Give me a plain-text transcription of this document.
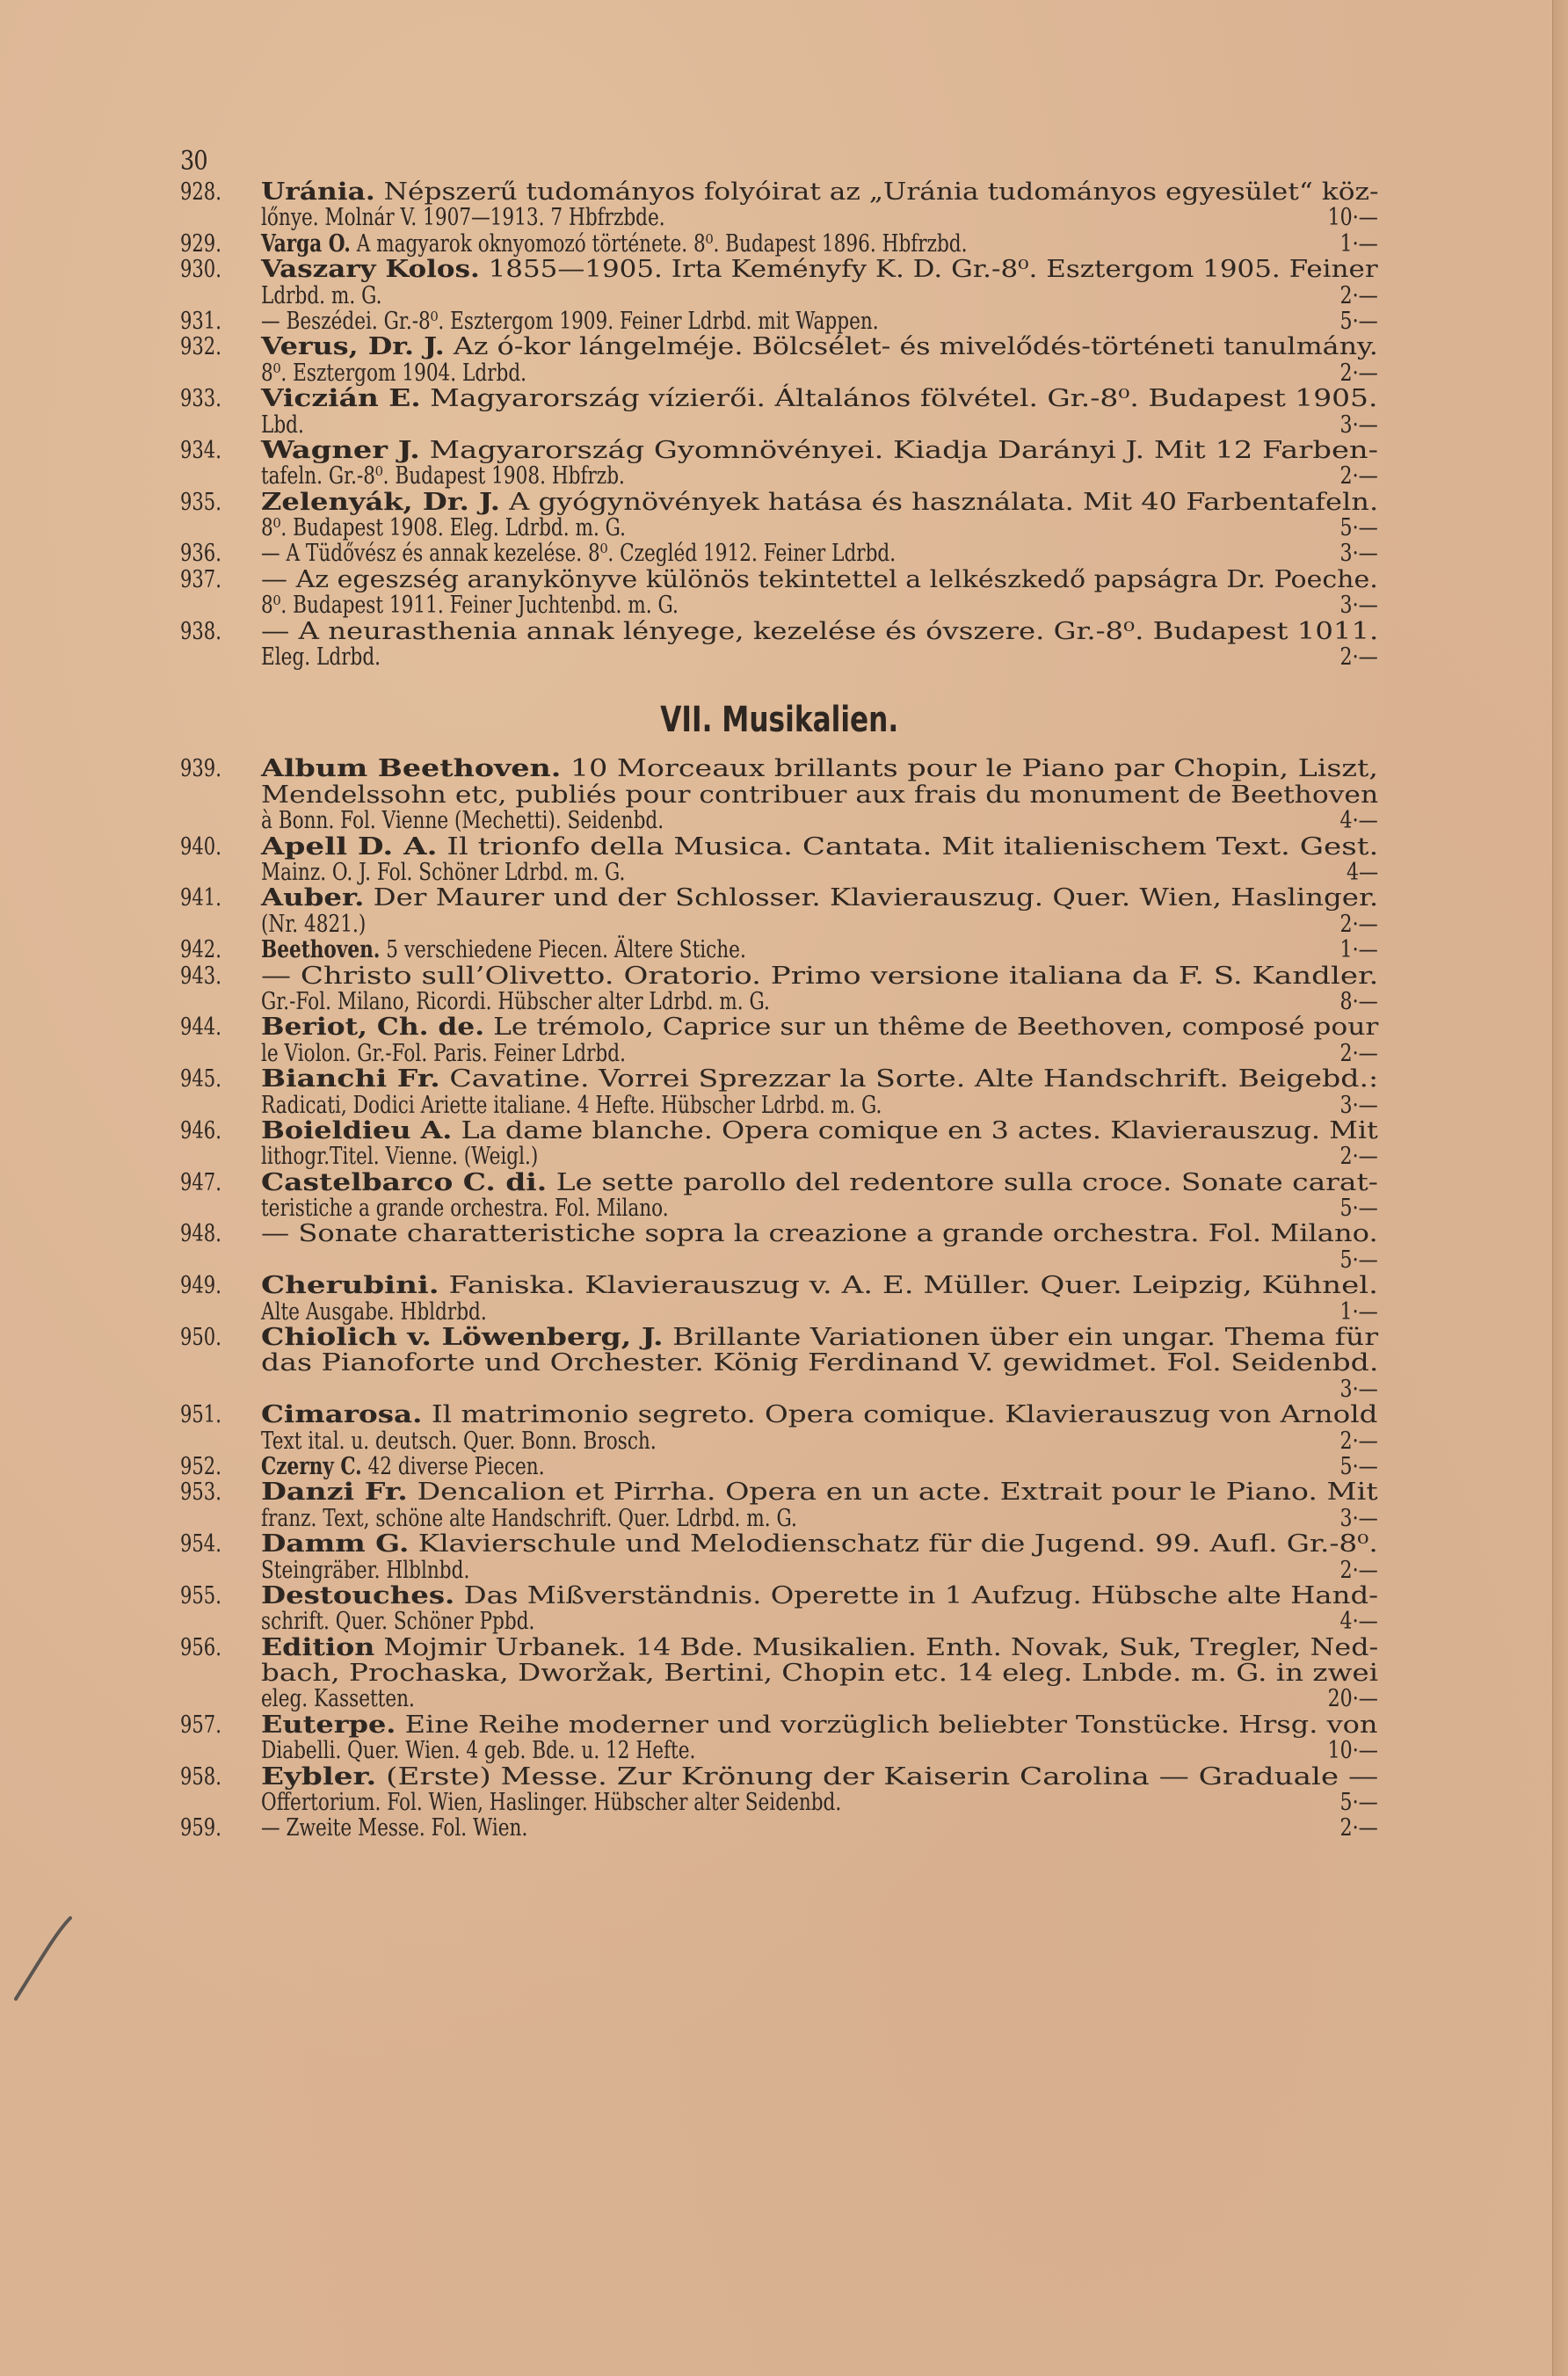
30
928. Uránia. Népszerű tudományos folyóirat az „Uránia tudományos egyesület“ köz-
lőnye. Molnár V. 1907—1913. 7 Hbfrzbde.	10·—
929. Varga O. A magyarok oknyomozó története. 8⁰. Budapest 1896. Hbfrzbd.	1·—
930. Vaszary Kolos. 1855—1905. Irta Keményfy K. D. Gr.-8⁰. Esztergom 1905. Feiner
Ldrbd. m. G.	2·—
931. — Beszédei. Gr.-8⁰. Esztergom 1909. Feiner Ldrbd. mit Wappen.	5·—
932. Verus, Dr. J. Az ó-kor lángelméje. Bölcsélet- és mivelődés-történeti tanulmány.
8⁰. Esztergom 1904. Ldrbd.	2·—
933. Viczián E. Magyarország vízierői. Általános fölvétel. Gr.-8⁰. Budapest 1905.
Lbd.	3·—
934. Wagner J. Magyarország Gyomnövényei. Kiadja Darányi J. Mit 12 Farben-
tafeln. Gr.-8⁰. Budapest 1908. Hbfrzb.	2·—
935. Zelenyák, Dr. J. A gyógynövények hatása és használata. Mit 40 Farbentafeln.
8⁰. Budapest 1908. Eleg. Ldrbd. m. G.	5·—
936. — A Tüdővész és annak kezelése. 8⁰. Czegléd 1912. Feiner Ldrbd.	3·—
937. — Az egeszség aranykönyve különös tekintettel a lelkészkedő papságra Dr. Poeche.
8⁰. Budapest 1911. Feiner Juchtenbd. m. G.	3·—
938. — A neurasthenia annak lényege, kezelése és óvszere. Gr.-8⁰. Budapest 1011.
Eleg. Ldrbd.	2·—
VII. Musikalien.
939. Album Beethoven. 10 Morceaux brillants pour le Piano par Chopin, Liszt,
Mendelssohn etc, publiés pour contribuer aux frais du monument de Beethoven
à Bonn. Fol. Vienne (Mechetti). Seidenbd.	4·—
940. Apell D. A. Il trionfo della Musica. Cantata. Mit italienischem Text. Gest.
Mainz. O. J. Fol. Schöner Ldrbd. m. G.	4—
941. Auber. Der Maurer und der Schlosser. Klavierauszug. Quer. Wien, Haslinger.
(Nr. 4821.)	2·—
942. Beethoven. 5 verschiedene Piecen. Ältere Stiche.	1·—
943. — Christo sull’Olivetto. Oratorio. Primo versione italiana da F. S. Kandler.
Gr.-Fol. Milano, Ricordi. Hübscher alter Ldrbd. m. G.	8·—
944. Beriot, Ch. de. Le trémolo, Caprice sur un thême de Beethoven, composé pour
le Violon. Gr.-Fol. Paris. Feiner Ldrbd.	2·—
945. Bianchi Fr. Cavatine. Vorrei Sprezzar la Sorte. Alte Handschrift. Beigebd.:
Radicati, Dodici Ariette italiane. 4 Hefte. Hübscher Ldrbd. m. G.	3·—
946. Boieldieu A. La dame blanche. Opera comique en 3 actes. Klavierauszug. Mit
lithogr.Titel. Vienne. (Weigl.)	2·—
947. Castelbarco C. di. Le sette parollo del redentore sulla croce. Sonate carat-
teristiche a grande orchestra. Fol. Milano.	5·—
948. — Sonate charatteristiche sopra la creazione a grande orchestra. Fol. Milano.
5·—
949. Cherubini. Faniska. Klavierauszug v. A. E. Müller. Quer. Leipzig, Kühnel.
Alte Ausgabe. Hbldrbd.	1·—
950. Chiolich v. Löwenberg, J. Brillante Variationen über ein ungar. Thema für
das Pianoforte und Orchester. König Ferdinand V. gewidmet. Fol. Seidenbd.
3·—
951. Cimarosa. Il matrimonio segreto. Opera comique. Klavierauszug von Arnold
Text ital. u. deutsch. Quer. Bonn. Brosch.	2·—
952. Czerny C. 42 diverse Piecen.	5·—
953. Danzi Fr. Dencalion et Pirrha. Opera en un acte. Extrait pour le Piano. Mit
franz. Text, schöne alte Handschrift. Quer. Ldrbd. m. G.	3·—
954. Damm G. Klavierschule und Melodienschatz für die Jugend. 99. Aufl. Gr.-8⁰.
Steingräber. Hlblnbd.	2·—
955. Destouches. Das Mißverständnis. Operette in 1 Aufzug. Hübsche alte Hand-
schrift. Quer. Schöner Ppbd.	4·—
956. Edition Mojmir Urbanek. 14 Bde. Musikalien. Enth. Novak, Suk, Tregler, Ned-
bach, Prochaska, Dworžak, Bertini, Chopin etc. 14 eleg. Lnbde. m. G. in zwei
eleg. Kassetten.	20·—
957. Euterpe. Eine Reihe moderner und vorzüglich beliebter Tonstücke. Hrsg. von
Diabelli. Quer. Wien. 4 geb. Bde. u. 12 Hefte.	10·—
958. Eybler. (Erste) Messe. Zur Krönung der Kaiserin Carolina — Graduale —
Offertorium. Fol. Wien, Haslinger. Hübscher alter Seidenbd.	5·—
959. — Zweite Messe. Fol. Wien.	2·—
